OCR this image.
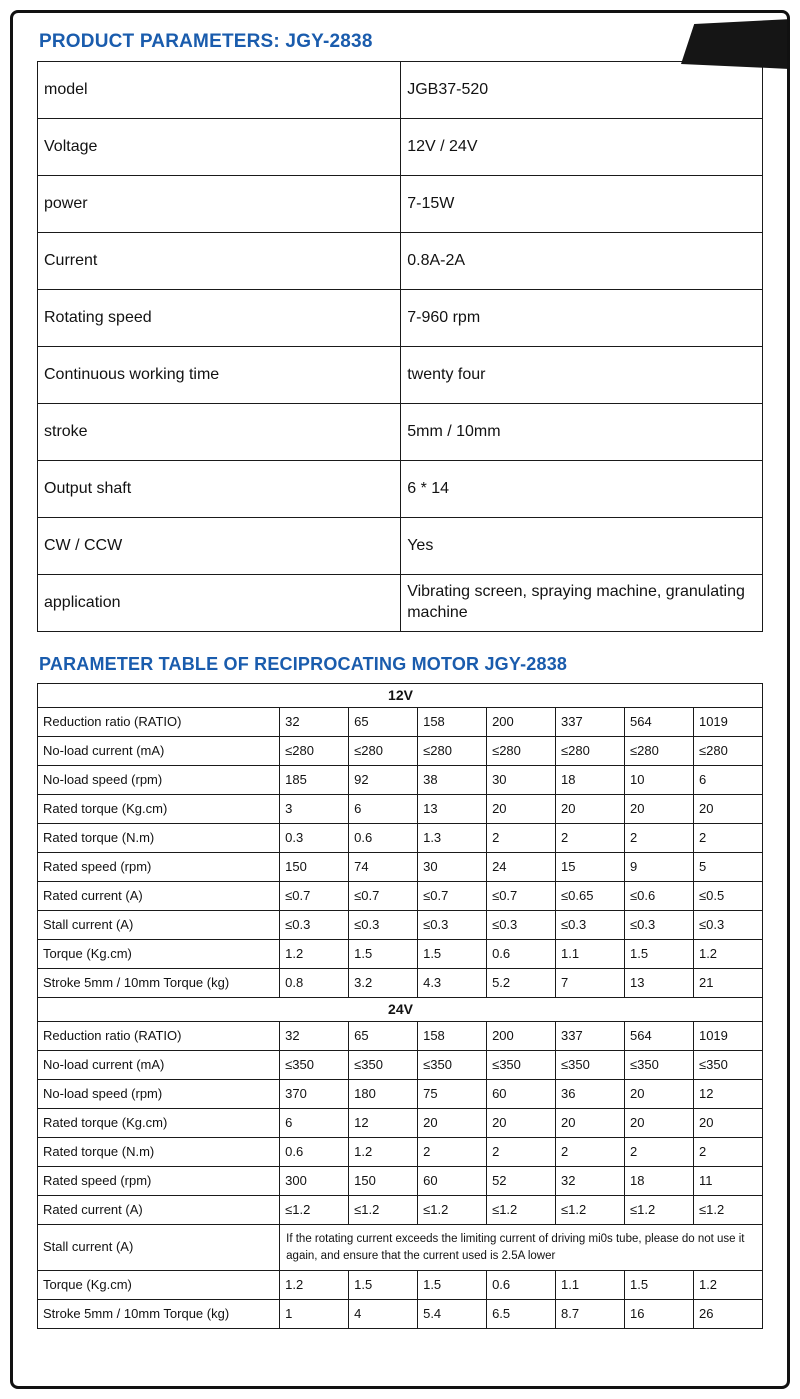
PRODUCT PARAMETERS: JGY-2838
model	JGB37-520
Voltage	12V / 24V
power	7-15W
Current	0.8A-2A
Rotating speed	7-960 rpm
Continuous working time	twenty four
stroke	5mm / 10mm
Output shaft	6 * 14
CW / CCW	Yes
application	Vibrating screen, spraying machine, granulating machine
PARAMETER TABLE OF RECIPROCATING MOTOR JGY-2838
12V							
Reduction ratio (RATIO)	32	65	158	200	337	564	1019
No-load current (mA)	≤280	≤280	≤280	≤280	≤280	≤280	≤280
No-load speed (rpm)	185	92	38	30	18	10	6
Rated torque (Kg.cm)	3	6	13	20	20	20	20
Rated torque (N.m)	0.3	0.6	1.3	2	2	2	2
Rated speed (rpm)	150	74	30	24	15	9	5
Rated current (A)	≤0.7	≤0.7	≤0.7	≤0.7	≤0.65	≤0.6	≤0.5
Stall current (A)	≤0.3	≤0.3	≤0.3	≤0.3	≤0.3	≤0.3	≤0.3
Torque (Kg.cm)	1.2	1.5	1.5	0.6	1.1	1.5	1.2
Stroke 5mm / 10mm Torque (kg)	0.8	3.2	4.3	5.2	7	13	21
24V							
Reduction ratio (RATIO)	32	65	158	200	337	564	1019
No-load current (mA)	≤350	≤350	≤350	≤350	≤350	≤350	≤350
No-load speed (rpm)	370	180	75	60	36	20	12
Rated torque (Kg.cm)	6	12	20	20	20	20	20
Rated torque (N.m)	0.6	1.2	2	2	2	2	2
Rated speed (rpm)	300	150	60	52	32	18	11
Rated current (A)	≤1.2	≤1.2	≤1.2	≤1.2	≤1.2	≤1.2	≤1.2
Stall current (A)	If the rotating current exceeds the limiting current of driving mi0s tube, please do not use it again, and ensure that the current used is 2.5A lower						
Torque (Kg.cm)	1.2	1.5	1.5	0.6	1.1	1.5	1.2
Stroke 5mm / 10mm Torque (kg)	1	4	5.4	6.5	8.7	16	26
